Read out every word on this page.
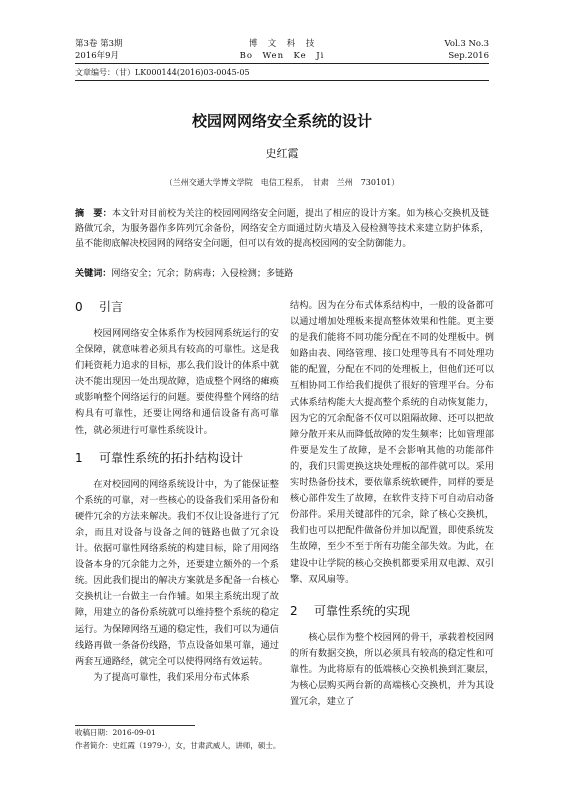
第3卷 第3期
2016年9月
博　文　科　技
Bo　Wen　Ke　Ji
Vol.3 No.3
Sep.2016
文章编号：（甘）LK000144(2016)03-0045-05
校园网网络安全系统的设计
史红霞
（兰州交通大学博文学院　电信工程系，　甘肃　兰州　730101）
摘　要：本文针对目前校为关注的校园网网络安全问题，提出了相应的设计方案。如为核心交换机及链路做冗余，为服务器作多阵列冗余备份，网络安全方面通过防火墙及入侵检测等技术来建立防护体系，虽不能彻底解决校园网的网络安全问题，但可以有效的提高校园网的安全防御能力。
关键词：网络安全；冗余；防病毒；入侵检测；多链路
0 引言

校园网网络安全体系作为校园网系统运行的安全保障，就意味着必须具有较高的可靠性。这是我们耗资耗力追求的目标，那么我们设计的体系中就决不能出现因一处出现故障，造成整个网络的瘫痪或影响整个网络运行的问题。要使得整个网络的结构具有可靠性，还要让网络和通信设备有高可靠性，就必须进行可靠性系统设计。

1 可靠性系统的拓扑结构设计

在对校园网的网络系统设计中，为了能保证整个系统的可靠，对一些核心的设备我们采用备份和硬件冗余的方法来解决。我们不仅让设备进行了冗余，而且对设备与设备之间的链路也做了冗余设计。依据可靠性网络系统的构建目标，除了用网络设备本身的冗余能力之外，还要建立额外的一个系统。因此我们提出的解决方案就是多配备一台核心交换机让一台做主一台作辅。如果主系统出现了故障，用建立的备份系统就可以维持整个系统的稳定运行。为保障网络互通的稳定性，我们可以为通信线路再做一条备份线路，节点设备如果可靠，通过两套互通路经，就完全可以使得网络有效运转。

为了提高可靠性，我们采用分布式体系

结构。因为在分布式体系结构中，一般的设备都可以通过增加处理板来提高整体效果和性能。更主要的是我们能将不同功能分配在不同的处理板中。例如路由表、网络管理、接口处理等具有不同处理功能的配置，分配在不同的处理板上，但他们还可以互相协同工作给我们提供了很好的管理平台。分布式体系结构能大大提高整个系统的自动恢复能力，因为它的冗余配备不仅可以阻隔故障、还可以把故障分散开来从而降低故障的发生频率；比如管理部件要是发生了故障，是不会影响其他的功能部件的，我们只需更换这块处理板的部件就可以。采用实时热备份技术，要依靠系统软硬件，同样的要是核心部件发生了故障，在软件支持下可自动启动备份部件。采用关键部件的冗余，除了核心交换机，我们也可以把配件做备份并加以配置，即使系统发生故障，至少不至于所有功能全部失效。为此，在建设中让学院的核心交换机都要采用双电源、双引擎、双风扇等。

2 可靠性系统的实现

核心层作为整个校园网的骨干，承载着校园网的所有数据交换，所以必须具有较高的稳定性和可靠性。为此将原有的低端核心交换机换到汇聚层，为核心层购买两台新的高端核心交换机，并为其设置冗余，建立了

收稿日期：2016-09-01
作者简介：史红霞（1979-），女，甘肃武威人，讲师，硕士。
